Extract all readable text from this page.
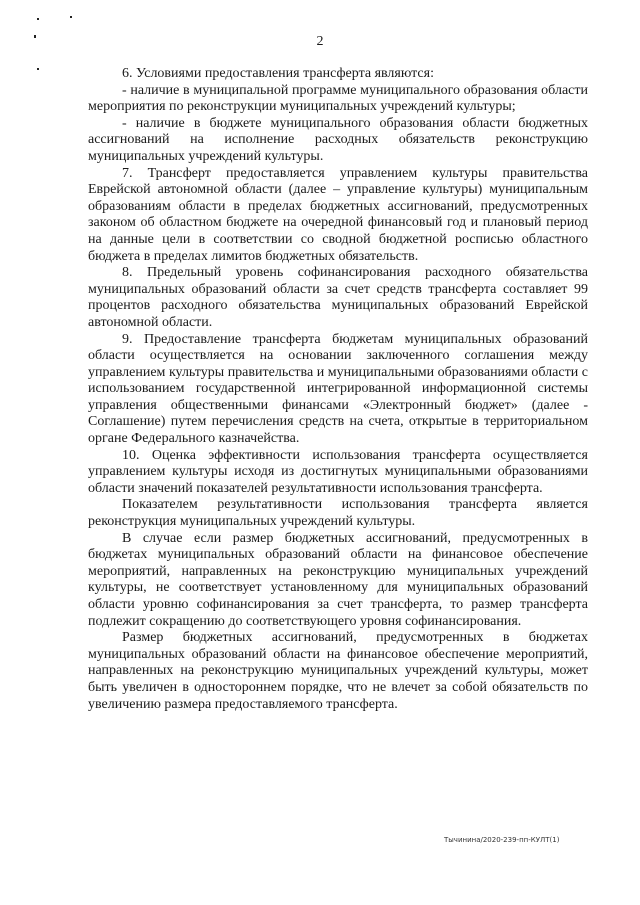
2

6. Условиями предоставления трансферта являются:

- наличие в муниципальной программе муниципального образования области мероприятия по реконструкции муниципальных учреждений культуры;

- наличие в бюджете муниципального образования области бюджетных ассигнований на исполнение расходных обязательств реконструкцию муниципальных учреждений культуры.

7. Трансферт предоставляется управлением культуры правительства Еврейской автономной области (далее – управление культуры) муниципальным образованиям области в пределах бюджетных ассигнований, предусмотренных законом об областном бюджете на очередной финансовый год и плановый период на данные цели в соответствии со сводной бюджетной росписью областного бюджета в пределах лимитов бюджетных обязательств.

8. Предельный уровень софинансирования расходного обязательства муниципальных образований области за счет средств трансферта составляет 99 процентов расходного обязательства муниципальных образований Еврейской автономной области.

9. Предоставление трансферта бюджетам муниципальных образований области осуществляется на основании заключенного соглашения между управлением культуры правительства и муниципальными образованиями области с использованием государственной интегрированной информационной системы управления общественными финансами «Электронный бюджет» (далее - Соглашение) путем перечисления средств на счета, открытые в территориальном органе Федерального казначейства.

10. Оценка эффективности использования трансферта осуществляется управлением культуры исходя из достигнутых муниципальными образованиями области значений показателей результативности использования трансферта.

Показателем результативности использования трансферта является реконструкция муниципальных учреждений культуры.

В случае если размер бюджетных ассигнований, предусмотренных в бюджетах муниципальных образований области на финансовое обеспечение мероприятий, направленных на реконструкцию муниципальных учреждений культуры, не соответствует установленному для муниципальных образований области уровню софинансирования за счет трансферта, то размер трансферта подлежит сокращению до соответствующего уровня софинансирования.

Размер бюджетных ассигнований, предусмотренных в бюджетах муниципальных образований области на финансовое обеспечение мероприятий, направленных на реконструкцию муниципальных учреждений культуры, может быть увеличен в одностороннем порядке, что не влечет за собой обязательств по увеличению размера предоставляемого трансферта.

Тычинина/2020-239-пп-КУЛТ(1)
